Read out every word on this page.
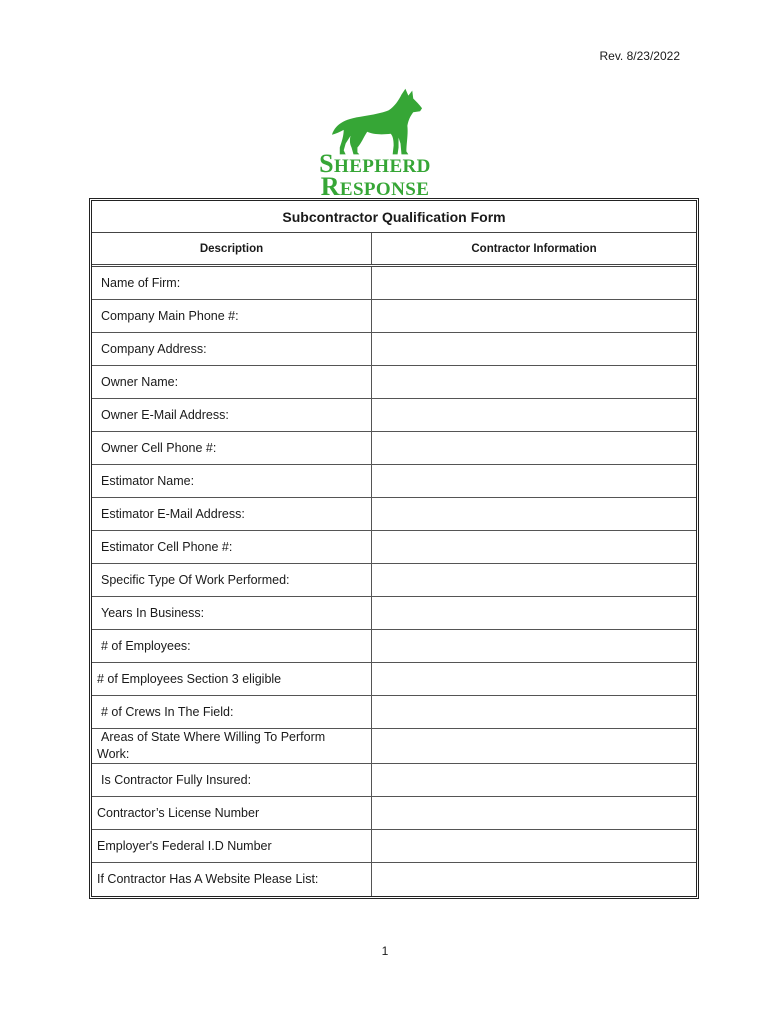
Rev. 8/23/2022
SHEPHERD
RESPONSE
Subcontractor Qualification Form
Description	Contractor Information
Name of Firm:
Company Main Phone #:
Company Address:
Owner Name:
Owner E-Mail Address:
Owner Cell Phone #:
Estimator Name:
Estimator E-Mail Address:
Estimator Cell Phone #:
Specific Type Of Work Performed:
Years In Business:
# of Employees:
# of Employees Section 3 eligible
# of Crews In The Field:
Areas of State Where Willing To Perform Work:
Is Contractor Fully Insured:
Contractor’s License Number
Employer's Federal I.D Number
If Contractor Has A Website Please List:
1
